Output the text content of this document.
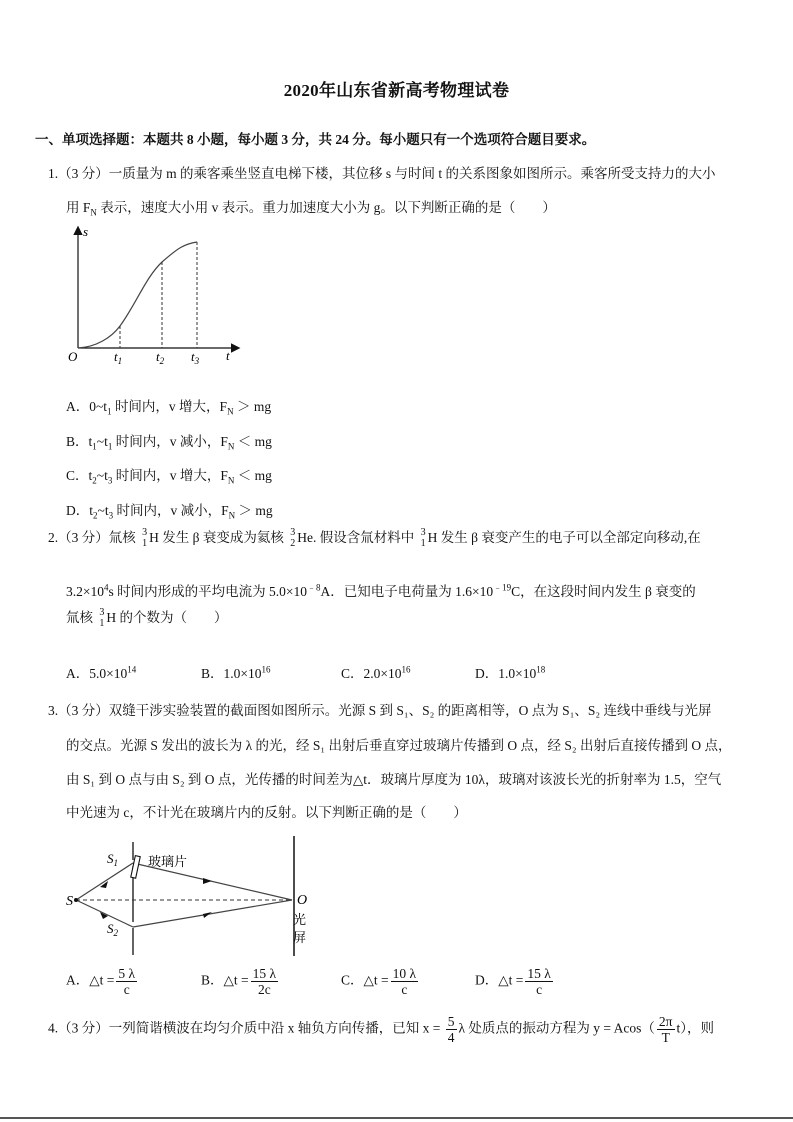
2020年山东省新高考物理试卷
一、单项选择题：本题共 8 小题，每小题 3 分，共 24 分。每小题只有一个选项符合题目要求。
1.（3 分）一质量为 m 的乘客乘坐竖直电梯下楼，其位移 s 与时间 t 的关系图象如图所示。乘客所受支持力的大小
用 $F_N$ 表示，速度大小用 v 表示。重力加速度大小为 g。以下判断正确的是（　　）
s
t
O	$t_1$	$t_2$ $t_3$
A．$0\sim t_1$ 时间内，v 增大，$F_N$ ＞ mg
B．$t_1\sim t_1$ 时间内，v 减小，$F_N$ ＜ mg
C．$t_2\sim t_3$ 时间内，v 增大，$F_N$ ＜ mg
D．$t_2\sim t_3$ 时间内，v 减小，$F_N$ ＞ mg
2.（3 分）氚核 3
1 H 发生 β 衰变成为氦核 3
2 He. 假设含氚材料中 3
1 H 发生 β 衰变产生的电子可以全部定向移动,在
$3.2\times 10^4s$ 时间内形成的平均电流为 $5.0\times 10^{﹣8}A$．已知电子电荷量为 $1.6\times 10^{﹣19}C$，在这段时间内发生 β 衰变的
氚核 3
1 H 的个数为（　　）
A．$5.0\times 10^{14}$	B．$1.0\times 10^{16}$	C．$2.0\times 10^{16}$	D．$1.0\times 10^{18}$
3.（3 分）双缝干涉实验装置的截面图如图所示。光源 S 到 S₁、S₂ 的距离相等，O 点为 S₁、S₂ 连线中垂线与光屏
的交点。光源 S 发出的波长为 λ 的光，经 S₁ 出射后垂直穿过玻璃片传播到 O 点，经 S₂ 出射后直接传播到 O 点，
由 S₁ 到 O 点与由 S₂ 到 O 点，光传播的时间差为△t．玻璃片厚度为 10λ，玻璃对该波长光的折射率为 1.5，空气
中光速为 c，不计光在玻璃片内的反射。以下判断正确的是（　　）
S
$S_1$
$S_2$
玻璃片
O
光
屏
A．△t = $\frac{5 \lambda}{c}$	B．△t = $\frac{15 \lambda}{2c}$	C．△t = $\frac{10 \lambda}{c}$	D．△t = $\frac{15 \lambda}{c}$
4.（3 分）一列简谐横波在均匀介质中沿 x 轴负方向传播，已知 $x = \frac{5}{4}$ λ 处质点的振动方程为 $y = Acos( \frac{2\pi}{T} t)$，则
